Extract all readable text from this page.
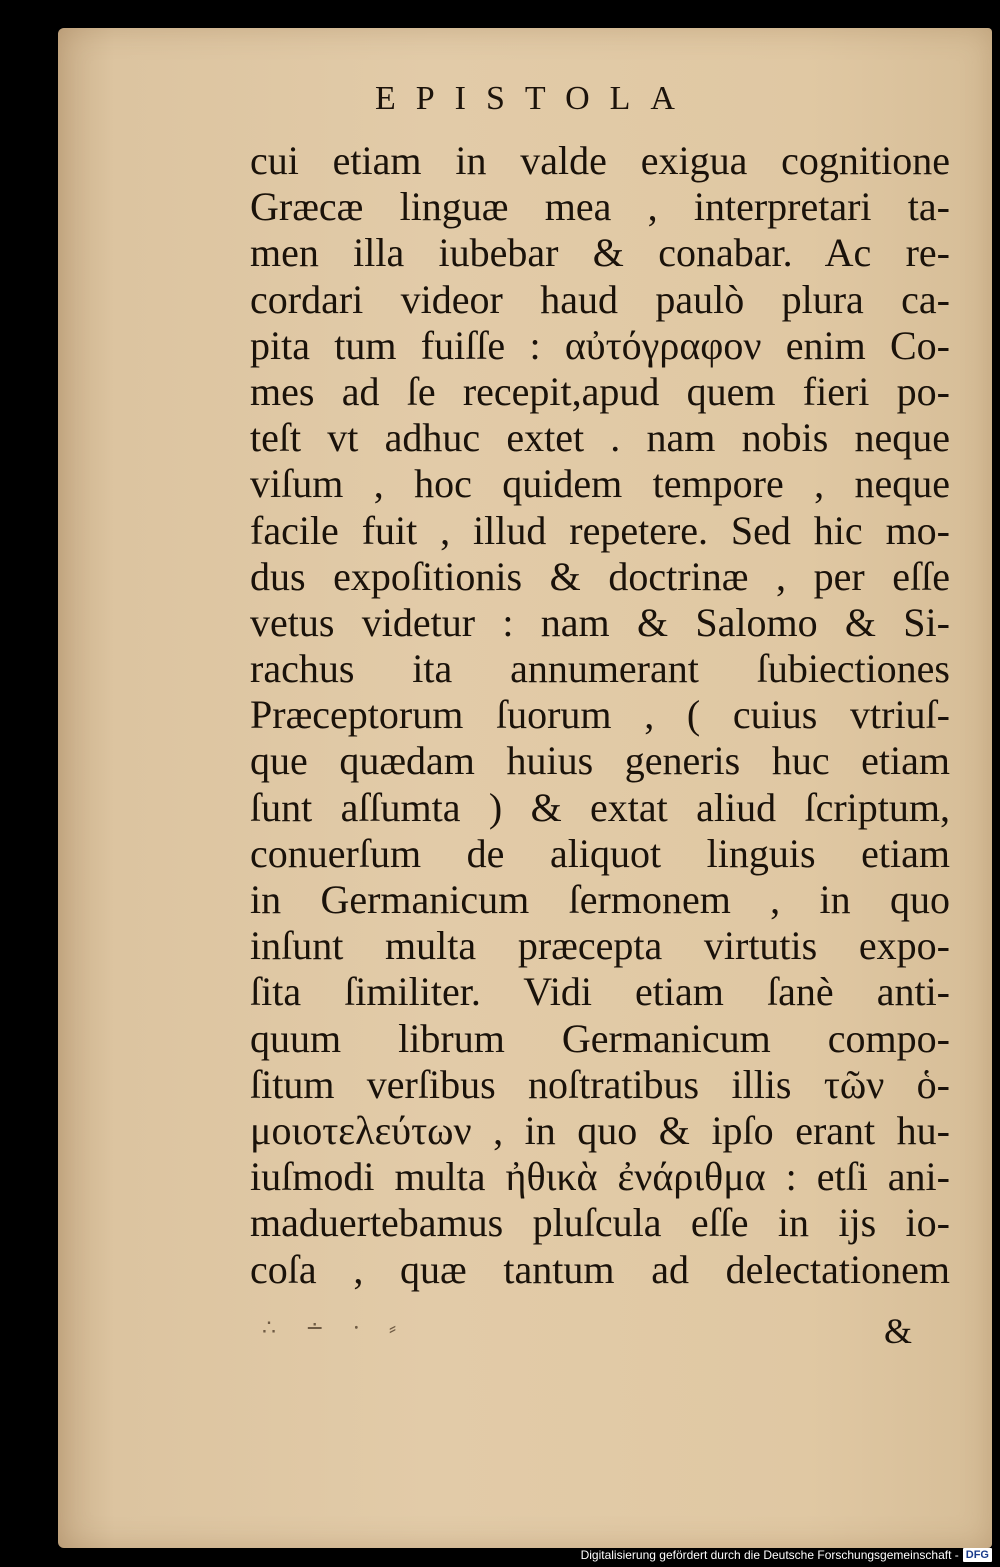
EPISTOLA
cui etiam in valde exigua cognitione
Græcæ linguæ mea , interpretari ta-
men illa iubebar & conabar. Ac re-
cordari videor haud paulò plura ca-
pita tum fuiſſe : αὐτόγραφον enim Co-
mes ad ſe recepit,apud quem fieri po-
teſt vt adhuc extet . nam nobis neque
viſum , hoc quidem tempore , neque
facile fuit , illud repetere. Sed hic mo-
dus expoſitionis & doctrinæ , per eſſe
vetus videtur : nam & Salomo & Si-
rachus ita annumerant ſubiectiones
Præceptorum ſuorum , ( cuius vtriuſ-
que quædam huius generis huc etiam
ſunt aſſumta ) & extat aliud ſcriptum,
conuerſum de aliquot linguis etiam
in Germanicum ſermonem , in quo
inſunt multa præcepta virtutis expo-
ſita ſimiliter. Vidi etiam ſanè anti-
quum librum Germanicum compo-
ſitum verſibus noſtratibus illis τῶν ὁ-
μοιοτελεύτων , in quo & ipſo erant hu-
iuſmodi multa ἠθικὰ ἐνάριθμα : etſi ani-
maduertebamus pluſcula eſſe in ijs io-
coſa , quæ tantum ad delectationem
∴ ∸ ⸱ ⸗	&
Digitalisierung gefördert durch die Deutsche Forschungsgemeinschaft - DFG
